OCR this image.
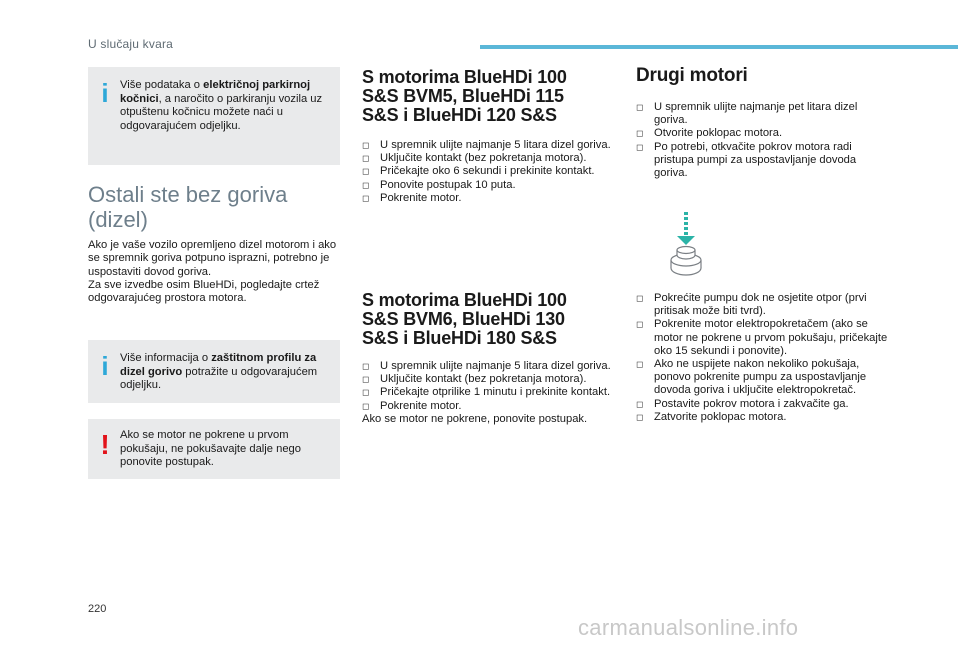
U slučaju kvara
i	Više podataka o električnoj parkirnoj kočnici, a naročito o parkiranju vozila uz otpuštenu kočnicu možete naći u odgovarajućem odjeljku.
Ostali ste bez goriva (dizel)
Ako je vaše vozilo opremljeno dizel motorom i ako se spremnik goriva potpuno isprazni, potrebno je uspostaviti dovod goriva.
Za sve izvedbe osim BlueHDi, pogledajte crtež odgovarajućeg prostora motora.
i	Više informacija o zaštitnom profilu za dizel gorivo potražite u odgovarajućem odjeljku.
! Ako se motor ne pokrene u prvom pokušaju, ne pokušavajte dalje nego ponovite postupak.
S motorima BlueHDi 100 S&S BVM5, BlueHDi 115 S&S i BlueHDi 120 S&S
◻ U spremnik ulijte najmanje 5 litara dizel goriva.
◻ Uključite kontakt (bez pokretanja motora).
◻ Pričekajte oko 6 sekundi i prekinite kontakt.
◻ Ponovite postupak 10 puta.
◻ Pokrenite motor.
S motorima BlueHDi 100 S&S BVM6, BlueHDi 130 S&S i BlueHDi 180 S&S
◻ U spremnik ulijte najmanje 5 litara dizel goriva.
◻ Uključite kontakt (bez pokretanja motora).
◻ Pričekajte otprilike 1 minutu i prekinite kontakt.
◻ Pokrenite motor.
Ako se motor ne pokrene, ponovite postupak.
Drugi motori
◻ U spremnik ulijte najmanje pet litara dizel goriva.
◻ Otvorite poklopac motora.
◻ Po potrebi, otkvačite pokrov motora radi pristupa pumpi za uspostavljanje dovoda goriva.
◻ Pokrećite pumpu dok ne osjetite otpor (prvi pritisak može biti tvrd).
◻ Pokrenite motor elektropokretačem (ako se motor ne pokrene u prvom pokušaju, pričekajte oko 15 sekundi i ponovite).
◻ Ako ne uspijete nakon nekoliko pokušaja, ponovo pokrenite pumpu za uspostavljanje dovoda goriva i uključite elektropokretač.
◻ Postavite pokrov motora i zakvačite ga.
◻ Zatvorite poklopac motora.
220
carmanualsonline.info
